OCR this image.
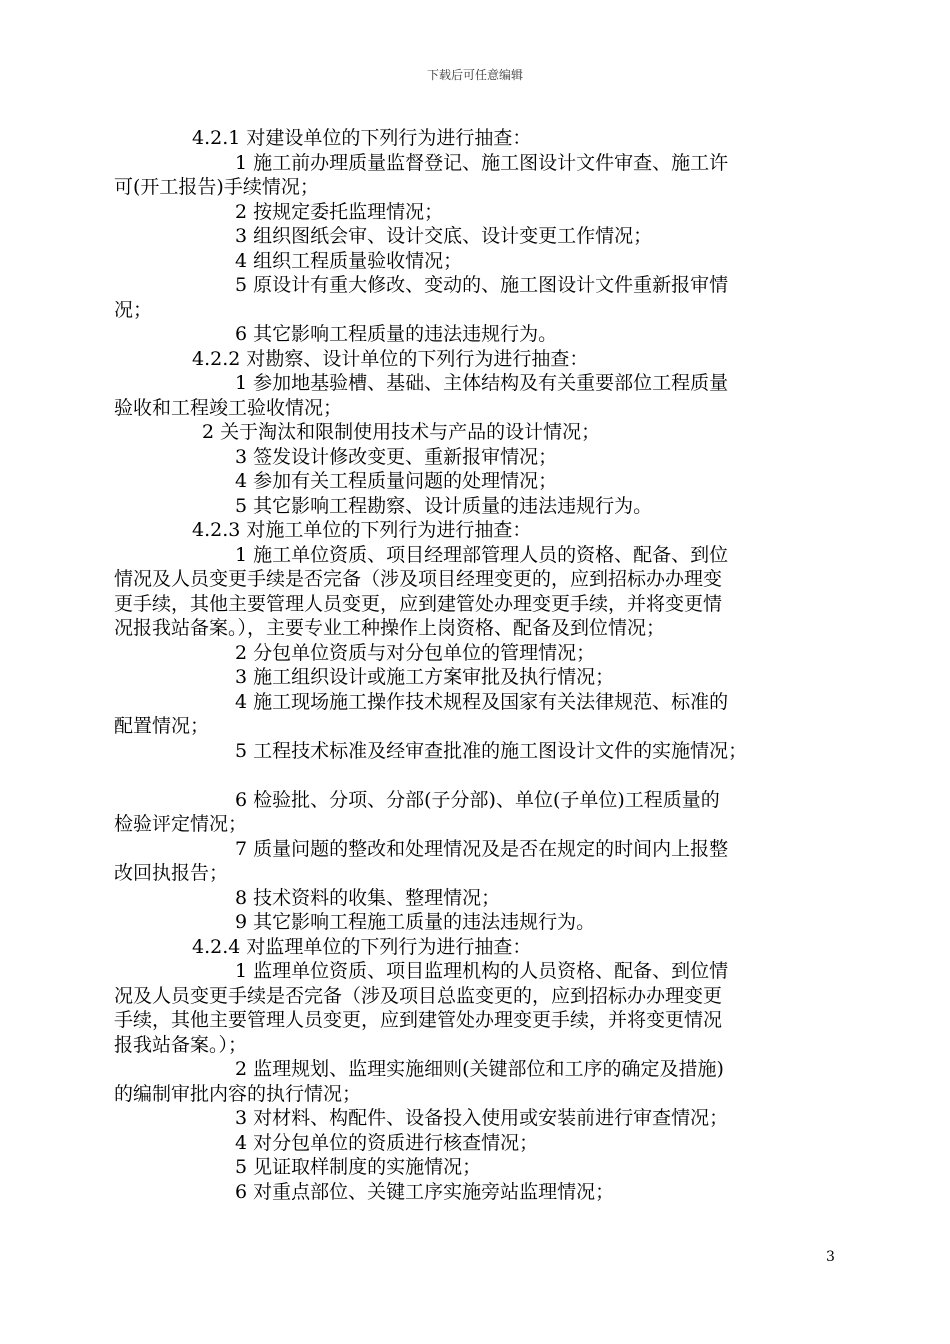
下载后可任意编辑
4.2.1 对建设单位的下列行为进行抽查：
1 施工前办理质量监督登记、施工图设计文件审查、施工许
可(开工报告)手续情况；
2 按规定委托监理情况；
3 组织图纸会审、设计交底、设计变更工作情况；
4 组织工程质量验收情况；
5 原设计有重大修改、变动的、施工图设计文件重新报审情
况；
6 其它影响工程质量的违法违规行为。
4.2.2 对勘察、设计单位的下列行为进行抽查：
1 参加地基验槽、基础、主体结构及有关重要部位工程质量
验收和工程竣工验收情况；
2 关于淘汰和限制使用技术与产品的设计情况；
3 签发设计修改变更、重新报审情况；
4 参加有关工程质量问题的处理情况；
5 其它影响工程勘察、设计质量的违法违规行为。
4.2.3 对施工单位的下列行为进行抽查：
1 施工单位资质、项目经理部管理人员的资格、配备、到位
情况及人员变更手续是否完备（涉及项目经理变更的，应到招标办办理变
更手续，其他主要管理人员变更，应到建管处办理变更手续，并将变更情
况报我站备案。），主要专业工种操作上岗资格、配备及到位情况；
2 分包单位资质与对分包单位的管理情况；
3 施工组织设计或施工方案审批及执行情况；
4 施工现场施工操作技术规程及国家有关法律规范、标准的
配置情况；
5 工程技术标准及经审查批准的施工图设计文件的实施情况；
6 检验批、分项、分部(子分部)、单位(子单位)工程质量的
检验评定情况；
7 质量问题的整改和处理情况及是否在规定的时间内上报整
改回执报告；
8 技术资料的收集、整理情况；
9 其它影响工程施工质量的违法违规行为。
4.2.4 对监理单位的下列行为进行抽查：
1 监理单位资质、项目监理机构的人员资格、配备、到位情
况及人员变更手续是否完备（涉及项目总监变更的，应到招标办办理变更
手续，其他主要管理人员变更，应到建管处办理变更手续，并将变更情况
报我站备案。）；
2 监理规划、监理实施细则(关键部位和工序的确定及措施)
的编制审批内容的执行情况；
3 对材料、构配件、设备投入使用或安装前进行审查情况；
4 对分包单位的资质进行核查情况；
5 见证取样制度的实施情况；
6 对重点部位、关键工序实施旁站监理情况；
3
